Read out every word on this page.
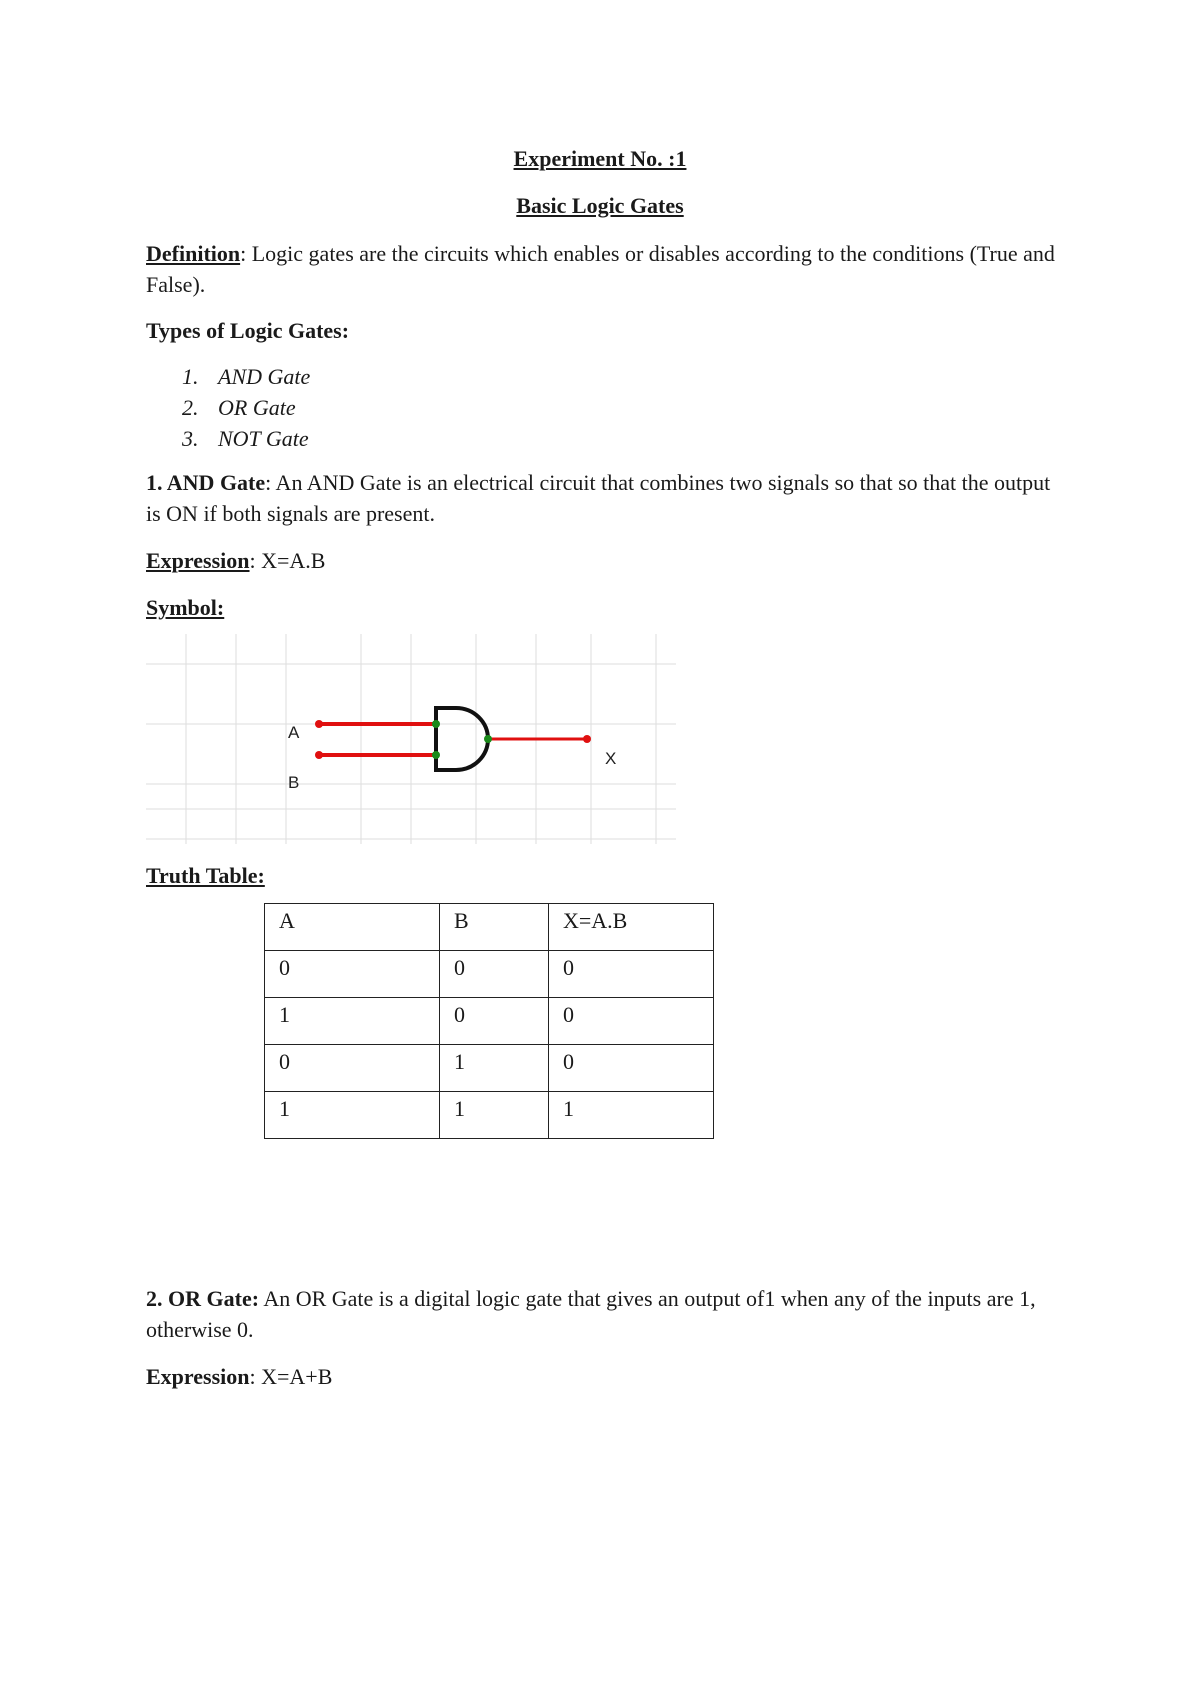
Experiment No. :1
Basic Logic Gates
Definition: Logic gates are the circuits which enables or disables according to the conditions (True and False).
Types of Logic Gates:
1. AND Gate
2. OR Gate
3. NOT Gate
1. AND Gate: An AND Gate is an electrical circuit that combines two signals so that so that the output is ON if both signals are present.
Expression: X=A.B
Symbol:
A
B
X
Truth Table:
A	B	X=A.B
0	0	0
1	0	0
0	1	0
1	1	1
2. OR Gate: An OR Gate is a digital logic gate that gives an output of1 when any of the inputs are 1, otherwise 0.
Expression: X=A+B
